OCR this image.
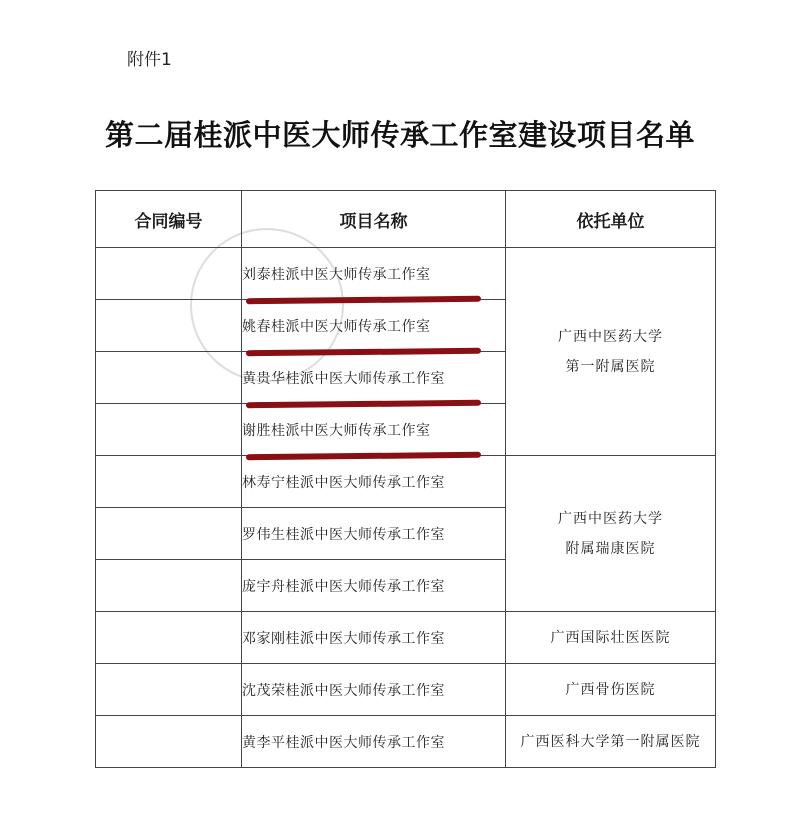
附件1
第二届桂派中医大师传承工作室建设项目名单
合同编号	项目名称	依托单位
	刘泰桂派中医大师传承工作室	广西中医药大学
第一附属医院

	姚春桂派中医大师传承工作室	

	黄贵华桂派中医大师传承工作室	

	谢胜桂派中医大师传承工作室	

	林寿宁桂派中医大师传承工作室	广西中医药大学
附属瑞康医院

	罗伟生桂派中医大师传承工作室	
	庞宇舟桂派中医大师传承工作室	
	邓家刚桂派中医大师传承工作室	广西国际壮医医院
	沈茂荣桂派中医大师传承工作室	广西骨伤医院
	黄李平桂派中医大师传承工作室	广西医科大学第一附属医院
